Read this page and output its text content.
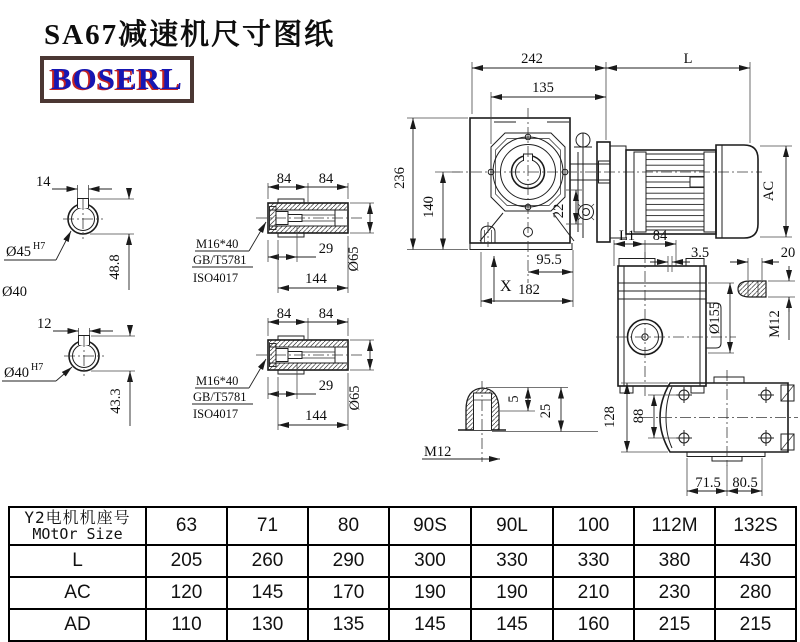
SA67减速机尺寸图纸
BOSERL
14
Ø45 H7
48.8
Ø40
12
Ø40 H7
43.3
84 84
29
144
Ø65
M16*40
GB/T5781
ISO4017
84 84
29
144
Ø65
M16*40
GB/T5781
ISO4017
242	L
135
236
140
AC
22
95.5
182
X
L1 84
3.5
Ø155
20
M12
5
25
M12
128 88
71.5 80.5
Y2电机机座号
MOtOr Size	63	71	80	90S	90L	100	112M	132S
L	205	260	290	300	330	330	380	430
AC	120	145	170	190	190	210	230	280
AD	110	130	135	145	145	160	215	215
